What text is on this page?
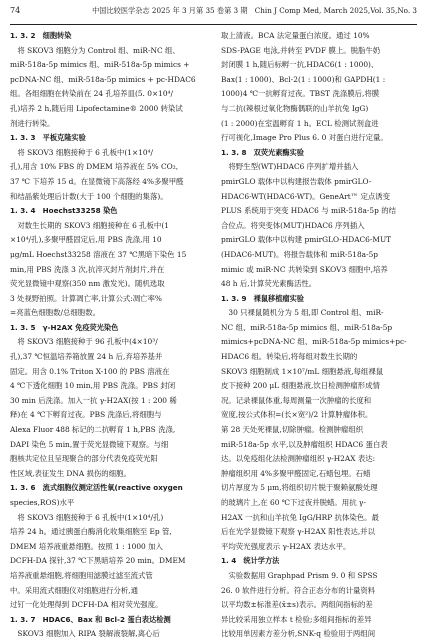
74	中国比较医学杂志 2025 年 3 月第 35 卷第 3 期　Chin J Comp Med, March 2025,Vol. 35,No. 3
1. 3. 2　细胞转染
　将 SKOV3 细胞分为 Control 组、miR-NC 组、
miR-518a-5p mimics 组、miR-518a-5p mimics +
pcDNA-NC 组、miR-518a-5p mimics + pc-HDAC6
组。各组细胞在转染前在 24 孔培养皿(5. 0×10⁴/
孔)培养 2 h,随后用 Lipofectamine® 2000 转染试
剂进行转染。
1. 3. 3　平板克隆实验
　将 SKOV3 细胞接种于 6 孔板中(1×10⁴/
孔),用含 10% FBS 的 DMEM 培养液在 5% CO₂,
37 ℃ 下培养 15 d。在显微镜下高落经 4%多聚甲醛
和结晶紫处理后计数(大于 100 个细胞的集落)。
1. 3. 4　Hoechst33258 染色
　对数生长期的 SKOV3 细胞接种在 6 孔板中(1
×10⁴/孔),多聚甲醛固定后,用 PBS 洗涤,用 10
μg/mL Hoechst33258 溶液在 37 ℃黑暗下染色 15
min,用 PBS 洗涤 3 次,抗淬灭封片剂封片,并在
荧光显微镜中观察(350 nm 激发光)。随机选取
3 处视野拍照。计算凋亡率,计算公式:凋亡率%
=亮蓝色细胞数/总细胞数。
1. 3. 5　γ-H2AX 免疫荧光染色
　将 SKOV3 细胞接种于 96 孔板中(4×10³/
孔),37 ℃恒温培养箱放置 24 h 后,弃培养基并
固定。用含 0.1% Triton X-100 的 PBS 溶液在
4 ℃下透化细胞 10 min,用 PBS 洗涤。PBS 封闭
30 min 后洗涤。加入一抗 γ-H2AX(按 1 : 200 稀
释)在 4 ℃下孵育过夜。PBS 洗涤后,将细胞与
Alexa Fluor 488 标记的二抗孵育 1 h,PBS 洗涤,
DAPI 染色 5 min,置于荧光显微镜下观察。与细
胞核共定位且呈现聚合的部分代表免疫荧光阳
性区域,表征发生 DNA 损伤的细胞。
1. 3. 6　流式细胞仪测定活性氧(reactive oxygen
species,ROS)水平
　将 SKOV3 细胞接种于 6 孔板中(1×10⁴/孔)
培养 24 h。通过胰蛋白酶消化收集细胞至 Ep 管,
DMEM 培养液重悬细胞。按照 1 : 1000 加入
DCFH-DA 探针,37 ℃下黑暗培养 20 min。DMEM
培养液重悬细胞,将细胞用滤膜过滤至流式管
中。采用流式细胞仪对细胞进行分析,通
过钉一化处理得到 DCFH-DA 相对荧光强度。
1. 3. 7　HDAC6、Bax 和 Bcl-2 蛋白表达检测
　SKOV3 细胞加入 RIPA 裂解液裂解,离心后
取上清液。BCA 法定量蛋白浓度。通过 10%
SDS-PAGE 电泳,并转至 PVDF 膜上。脱脂牛奶
封闭膜 1 h,随后标孵一抗,HDAC6(1 : 1000)、
Bax(1 : 1000)、Bcl-2(1 : 1000)和 GAPDH(1 :
1000)4 ℃一抗孵育过夜。TBST 洗涤膜后,将膜
与二抗(辣根过氧化物酶偶联的山羊抗兔 IgG)
(1 : 2000)在室温孵育 1 h。ECL 检测试剂盒进
行可视化,Image Pro Plus 6. 0 对蛋白进行定量。
1. 3. 8　双荧光素酶实验
　将野生型(WT)HDAC6 序列扩增并插入
pmirGLO 载体中以构建报告载体 pmirGLO-
HDAC6-WT(HDAC6-WT)。GeneArt™ 定点诱变
PLUS 系统用于突变 HDAC6 与 miR-518a-5p 的结
合位点。将突变体(MUT)HDAC6 序列插入
pmirGLO 载体中以构建 pmirGLO-HDAC6-MUT
(HDAC6-MUT)。将报告载体和 miR-518a-5p
mimic 或 miR-NC 共转染到 SKOV3 细胞中,培养
48 h 后,计算荧光素酶活性。
1. 3. 9　裸鼠移植瘤实验
　30 只裸鼠随机分为 5 组,即 Control 组、miR-
NC 组、miR-518a-5p mimics 组、miR-518a-5p
mimics+pcDNA-NC 组、miR-518a-5p mimics+pc-
HDAC6 组。转染后,将每组对数生长期的
SKOV3 细胞制成 1×10⁷/mL 细胞悬液,每组裸鼠
皮下接种 200 μL 细胞悬液,饮日检测肿瘤形成情
况。记录裸鼠体重,每周测量一次肿瘤的长度和
宽度,按公式体积=(长×宽²)/2 计算肿瘤体积。
第 28 天处死裸鼠,切除肿瘤。检测肿瘤组织
miR-518a-5p 水平,以及肿瘤组织 HDAC6 蛋白表
达。以免疫组化法检测肿瘤组织 γ-H2AX 表达:
肿瘤组织用 4%多聚甲醛固定,石蜡包埋。石蜡
切片厚度为 5 μm,将组织切片脱于聚赖氨酸处理
的玻璃片上,在 60 ℃下过夜并脱蜡。用抗 γ-
H2AX 一抗和山羊抗兔 IgG/HRP 抗体染色。最
后在光学显微镜下观察 γ-H2AX 阳性表达,并以
平均荧光强度表示 γ-H2AX 表达水平。
1. 4　统计学方法
　实验数据用 Graphpad Prism 9. 0 和 SPSS
26. 0 软件进行分析。符合正态分布的计量资料
以平均数±标准差(x̄±s)表示。两组间指标的差
异比较采用独立样本 t 检验;多组间指标的差异
比较用单因素方差分析,SNK-q 检验用于两组间
